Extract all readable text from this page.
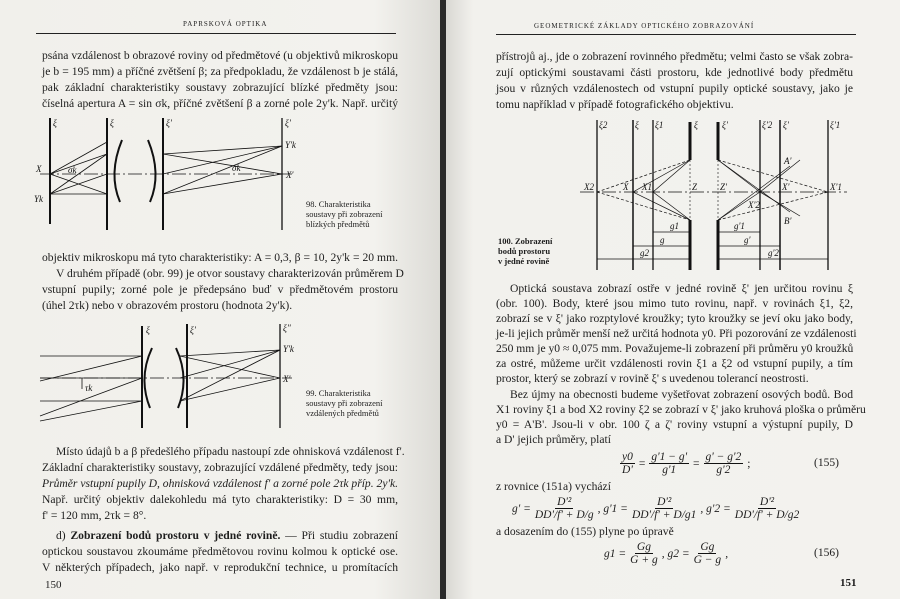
PAPRSKOVÁ OPTIKA
psána vzdálenost b obrazové roviny od předmětové (u objektivů mikroskopu
je b = 195 mm) a příčné zvětšení β; za předpokladu, že vzdálenost b je stálá,
pak základní charakteristiky soustavy zobrazující blízké předměty jsou:
číselná apertura A = sin σk, příčné zvětšení β a zorné pole 2y'k. Např. určitý
ξ	ξ	ξ'	ξ'
X
Yk
σk	σk
X'
Y'k
98. Charakteristika
soustavy při zobrazení
blízkých předmětů
objektiv mikroskopu má tyto charakteristiky: A = 0,3, β = 10, 2y'k = 20 mm.
V druhém případě (obr. 99) je otvor soustavy charakterizován průměrem D
vstupní pupily; zorné pole je předepsáno buď v předmětovém prostoru
(úhel 2τk) nebo v obrazovém prostoru (hodnota 2y'k).
ξ	ξ'	ξ''
τk
Y'k
X'
99. Charakteristika
soustavy při zobrazení
vzdálených předmětů
Místo údajů b a β předešlého případu nastoupí zde ohnisková vzdálenost f'.
Základní charakteristiky soustavy, zobrazující vzdálené předměty, tedy jsou:
Průměr vstupní pupily D, ohnisková vzdálenost f' a zorné pole 2τk příp. 2y'k.
Např. určitý objektiv dalekohledu má tyto charakteristiky: D = 30 mm,
f' = 120 mm, 2τk = 8°.
d) Zobrazení bodů prostoru v jedné rovině. — Při studiu zobrazení
optickou soustavou zkoumáme předmětovou rovinu kolmou k optické ose.
V některých případech, jako např. v reprodukční technice, u promítacích
150
GEOMETRICKÉ ZÁKLADY OPTICKÉHO ZOBRAZOVÁNÍ
přístrojů aj., jde o zobrazení rovinného předmětu; velmi často se však zobra-
zují optickými soustavami části prostoru, kde jednotlivé body předmětu
jsou v různých vzdálenostech od vstupní pupily optické soustavy, jako je
tomu například v případě fotografického objektivu.
ξ2	ξ ξ1	ξ	ξ'	ξ'2 ξ'	ξ'1
X2	X X1	Z	Z'
X'2
X'	X'1
A'
B'
g1
g
g2
g'1
g'
g'2
100. Zobrazení
bodů prostoru
v jedné rovině
Optická soustava zobrazí ostře v jedné rovině ξ' jen určitou rovinu ξ
(obr. 100). Body, které jsou mimo tuto rovinu, např. v rovinách ξ1, ξ2,
zobrazí se v ξ' jako rozptylové kroužky; tyto kroužky se jeví oku jako body,
je-li jejich průměr menší než určitá hodnota y0. Při pozorování ze vzdálenosti
250 mm je y0 ≈ 0,075 mm. Považujeme-li zobrazení při průměru y0 kroužků
za ostré, můžeme určit vzdálenosti rovin ξ1 a ξ2 od vstupní pupily, a tím
prostor, který se zobrazí v rovině ξ' s uvedenou tolerancí neostrosti.
Bez újmy na obecnosti budeme vyšetřovat zobrazení osových bodů. Bod
X1 roviny ξ1 a bod X2 roviny ξ2 se zobrazí v ξ' jako kruhová ploška o průměru
y0 = A'B'. Jsou-li v obr. 100 ζ a ζ' roviny vstupní a výstupní pupily, D
a D' jejich průměry, platí
$\frac{y0}{D'} = \frac{g'1 - g'}{g'1} = \frac{g' - g'2}{g'2}$ ;	(155)
z rovnice (151a) vychází
$g' = \frac{\text{D'²}}{DD'/f' + D/g}$ , $g'1 = \frac{\text{D'²}}{DD'/f' + D/g1}$ , $g'2 = \frac{\text{D'²}}{DD'/f' + D/g2}$
a dosazením do (155) plyne po úpravě
$g1 = \frac{Gg}{G + g}$ , $g2 = \frac{Gg}{G - g}$ ,	(156)
151
